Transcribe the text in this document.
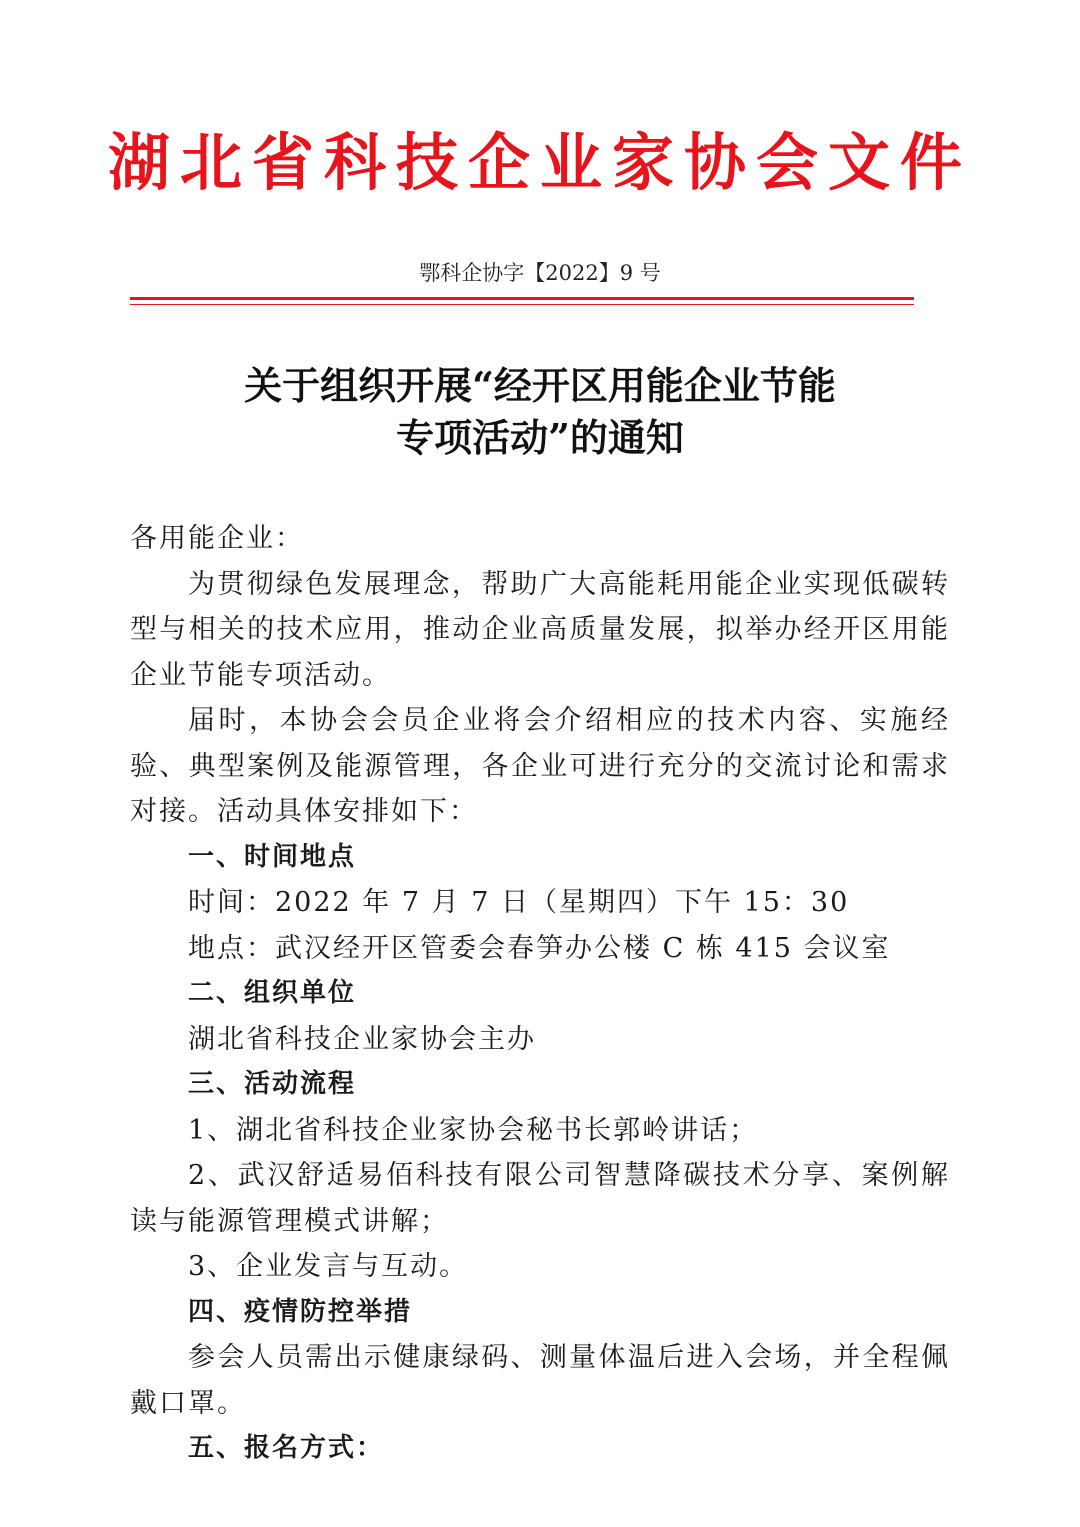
湖北省科技企业家协会文件
鄂科企协字【2022】9 号
关于组织开展“经开区用能企业节能
专项活动”的通知

各用能企业：

为贯彻绿色发展理念，帮助广大高能耗用能企业实现低碳转型与相关的技术应用，推动企业高质量发展，拟举办经开区用能企业节能专项活动。

届时，本协会会员企业将会介绍相应的技术内容、实施经验、典型案例及能源管理，各企业可进行充分的交流讨论和需求对接。活动具体安排如下：

一、时间地点

时间：2022 年 7 月 7 日（星期四）下午 15：30

地点：武汉经开区管委会春笋办公楼 C 栋 415 会议室

二、组织单位

湖北省科技企业家协会主办

三、活动流程

1、湖北省科技企业家协会秘书长郭岭讲话；

2、武汉舒适易佰科技有限公司智慧降碳技术分享、案例解读与能源管理模式讲解；

3、企业发言与互动。

四、疫情防控举措

参会人员需出示健康绿码、测量体温后进入会场，并全程佩戴口罩。

五、报名方式：
